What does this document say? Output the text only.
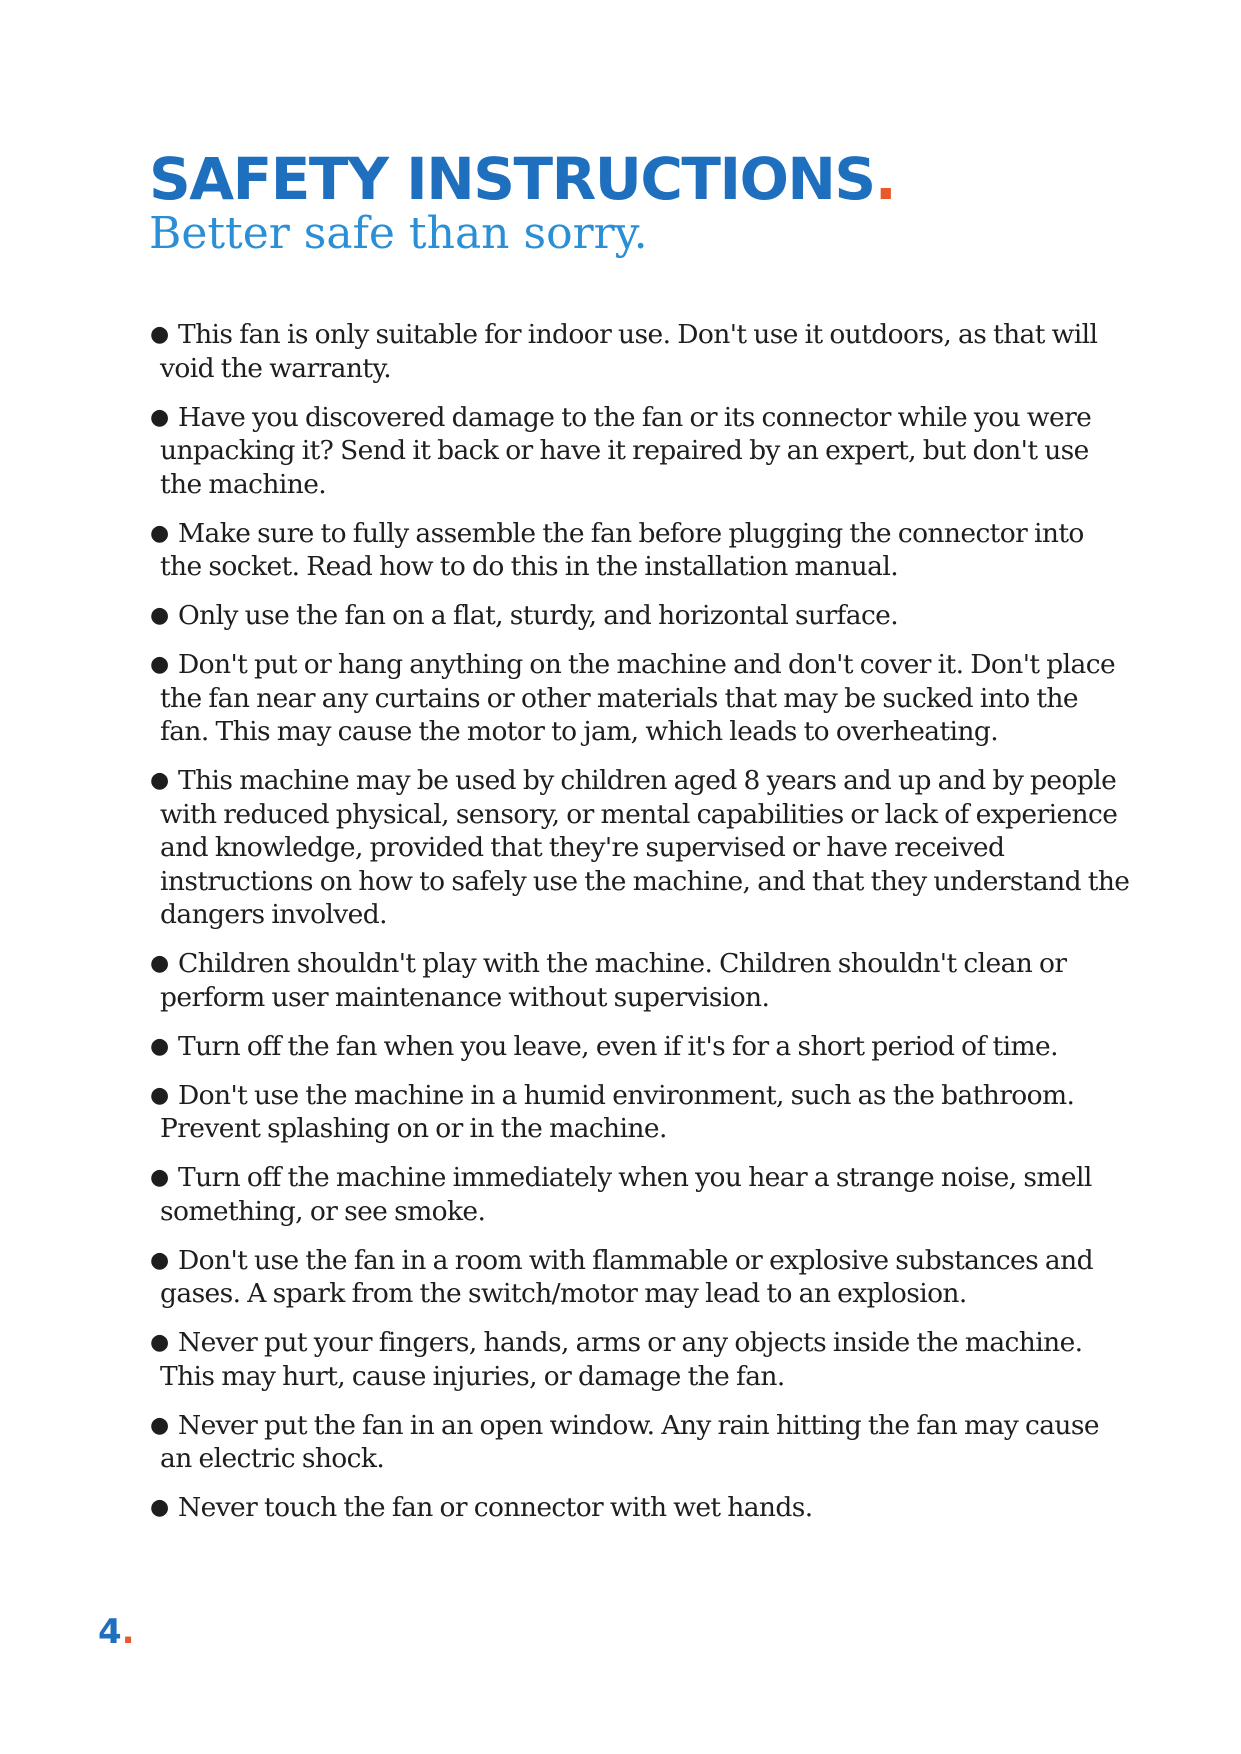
SAFETY INSTRUCTIONS.
Better safe than sorry.
● This fan is only suitable for indoor use. Don't use it outdoors, as that will void the warranty.
● Have you discovered damage to the fan or its connector while you were unpacking it? Send it back or have it repaired by an expert, but don't use the machine.
● Make sure to fully assemble the fan before plugging the connector into the socket. Read how to do this in the installation manual.
● Only use the fan on a flat, sturdy, and horizontal surface.
● Don't put or hang anything on the machine and don't cover it. Don't place the fan near any curtains or other materials that may be sucked into the fan. This may cause the motor to jam, which leads to overheating.
● This machine may be used by children aged 8 years and up and by people with reduced physical, sensory, or mental capabilities or lack of experience and knowledge, provided that they're supervised or have received instructions on how to safely use the machine, and that they understand the dangers involved.
● Children shouldn't play with the machine. Children shouldn't clean or perform user maintenance without supervision.
● Turn off the fan when you leave, even if it's for a short period of time.
● Don't use the machine in a humid environment, such as the bathroom. Prevent splashing on or in the machine.
● Turn off the machine immediately when you hear a strange noise, smell something, or see smoke.
● Don't use the fan in a room with flammable or explosive substances and gases. A spark from the switch/motor may lead to an explosion.
● Never put your fingers, hands, arms or any objects inside the machine. This may hurt, cause injuries, or damage the fan.
● Never put the fan in an open window. Any rain hitting the fan may cause an electric shock.
● Never touch the fan or connector with wet hands.
4.
